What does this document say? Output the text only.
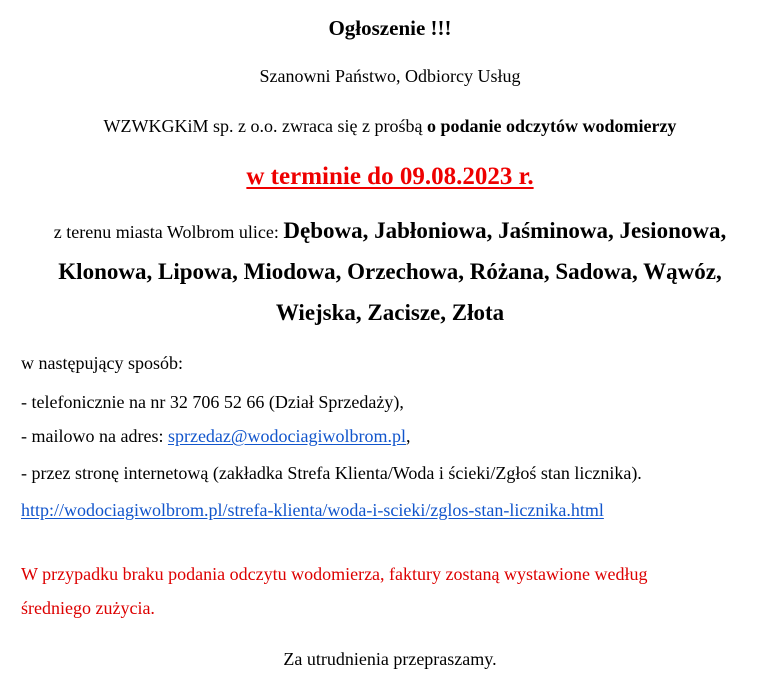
Ogłoszenie !!!
Szanowni Państwo, Odbiorcy Usług
WZWKGKiM sp. z o.o. zwraca się z prośbą o podanie odczytów wodomierzy
w terminie do 09.08.2023 r.
z terenu miasta Wolbrom ulice: Dębowa, Jabłoniowa, Jaśminowa, Jesionowa,
Klonowa, Lipowa, Miodowa, Orzechowa, Różana, Sadowa, Wąwóz,
Wiejska, Zacisze, Złota
w następujący sposób:
- telefonicznie na nr 32 706 52 66 (Dział Sprzedaży),
- mailowo na adres: sprzedaz@wodociagiwolbrom.pl,
- przez stronę internetową (zakładka Strefa Klienta/Woda i ścieki/Zgłoś stan licznika).
http://wodociagiwolbrom.pl/strefa-klienta/woda-i-scieki/zglos-stan-licznika.html
W przypadku braku podania odczytu wodomierza, faktury zostaną wystawione według
średniego zużycia.
Za utrudnienia przepraszamy.
